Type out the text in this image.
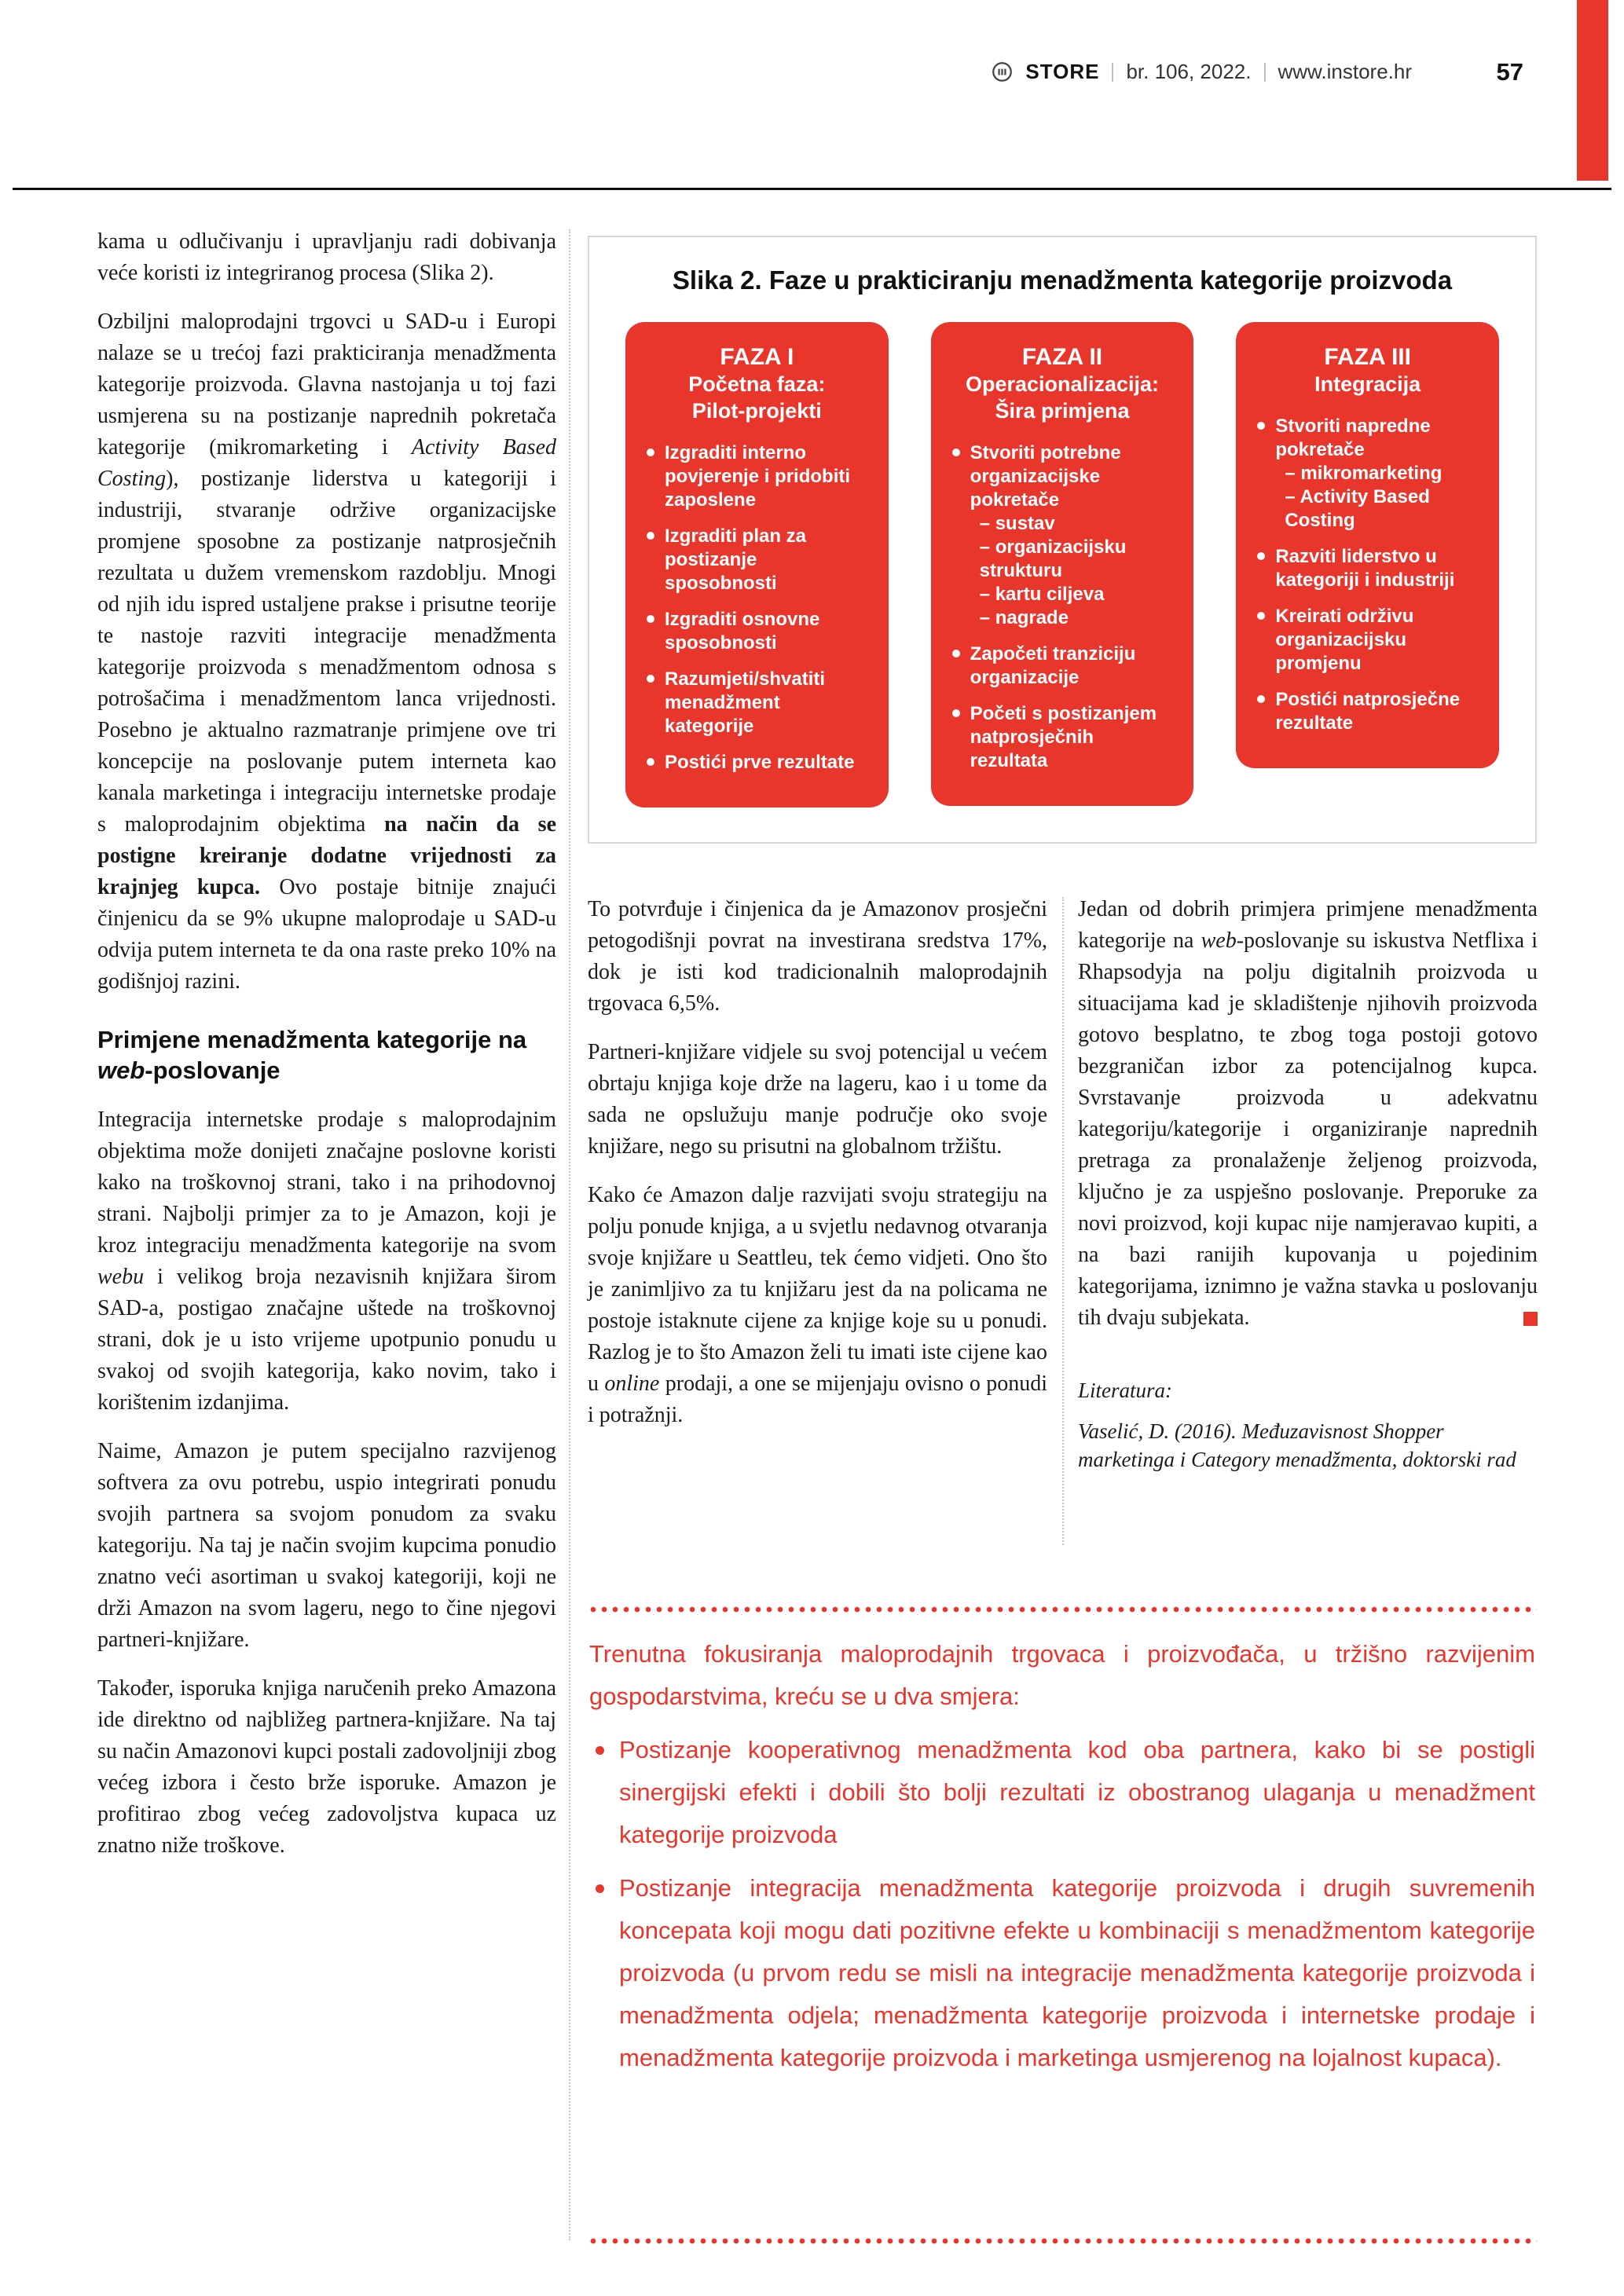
STORE br. 106, 2022. www.instore.hr	57

kama u odlučivanju i upravljanju radi dobivanja veće koristi iz integriranog procesa (Slika 2).

Ozbiljni maloprodajni trgovci u SAD-u i Europi nalaze se u trećoj fazi prakticiranja menadžmenta kategorije proizvoda. Glavna nastojanja u toj fazi usmjerena su na postizanje naprednih pokretača kategorije (mikromarketing i Activity Based Costing), postizanje liderstva u kategoriji i industriji, stvaranje održive organizacijske promjene sposobne za postizanje natprosječnih rezultata u dužem vremenskom razdoblju. Mnogi od njih idu ispred ustaljene prakse i prisutne teorije te nastoje razviti integracije menadžmenta kategorije proizvoda s menadžmentom odnosa s potrošačima i menadžmentom lanca vrijednosti. Posebno je aktualno razmatranje primjene ove tri koncepcije na poslovanje putem interneta kao kanala marketinga i integraciju internetske prodaje s maloprodajnim objektima na način da se postigne kreiranje dodatne vrijednosti za krajnjeg kupca. Ovo postaje bitnije znajući činjenicu da se 9% ukupne maloprodaje u SAD-u odvija putem interneta te da ona raste preko 10% na godišnjoj razini.

Primjene menadžmenta kategorije na web-poslovanje

Integracija internetske prodaje s maloprodajnim objektima može donijeti značajne poslovne koristi kako na troškovnoj strani, tako i na prihodovnoj strani. Najbolji primjer za to je Amazon, koji je kroz integraciju menadžmenta kategorije na svom webu i velikog broja nezavisnih knjižara širom SAD-a, postigao značajne uštede na troškovnoj strani, dok je u isto vrijeme upotpunio ponudu u svakoj od svojih kategorija, kako novim, tako i korištenim izdanjima.

Naime, Amazon je putem specijalno razvijenog softvera za ovu potrebu, uspio integrirati ponudu svojih partnera sa svojom ponudom za svaku kategoriju. Na taj je način svojim kupcima ponudio znatno veći asortiman u svakoj kategoriji, koji ne drži Amazon na svom lageru, nego to čine njegovi partneri-knjižare.

Također, isporuka knjiga naručenih preko Amazona ide direktno od najbližeg partnera-knjižare. Na taj su način Amazonovi kupci postali zadovoljniji zbog većeg izbora i često brže isporuke. Amazon je profitirao zbog većeg zadovoljstva kupaca uz znatno niže troškove.

Slika 2. Faze u prakticiranju menadžmenta kategorije proizvoda
FAZA I
Početna faza:
Pilot-projekti
Izgraditi interno povjerenje i pridobiti zaposlene
Izgraditi plan za postizanje sposobnosti
Izgraditi osnovne sposobnosti
Razumjeti/shvatiti menadžment kategorije
Postići prve rezultate
FAZA II
Operacionalizacija:
Šira primjena
Stvoriti potrebne organizacijske pokretače
– sustav
– organizacijsku strukturu
– kartu ciljeva
– nagrade
Započeti tranziciju organizacije
Početi s postizanjem natprosječnih rezultata
FAZA III
Integracija
Stvoriti napredne pokretače
– mikromarketing
– Activity Based Costing
Razviti liderstvo u kategoriji i industriji
Kreirati održivu organizacijsku promjenu
Postići natprosječne rezultate

To potvrđuje i činjenica da je Amazonov prosječni petogodišnji povrat na investirana sredstva 17%, dok je isti kod tradicionalnih maloprodajnih trgovaca 6,5%.

Partneri-knjižare vidjele su svoj potencijal u većem obrtaju knjiga koje drže na lageru, kao i u tome da sada ne opslužuju manje područje oko svoje knjižare, nego su prisutni na globalnom tržištu.

Kako će Amazon dalje razvijati svoju strategiju na polju ponude knjiga, a u svjetlu nedavnog otvaranja svoje knjižare u Seattleu, tek ćemo vidjeti. Ono što je zanimljivo za tu knjižaru jest da na policama ne postoje istaknute cijene za knjige koje su u ponudi. Razlog je to što Amazon želi tu imati iste cijene kao u online prodaji, a one se mijenjaju ovisno o ponudi i potražnji.

Jedan od dobrih primjera primjene menadžmenta kategorije na web-poslovanje su iskustva Netflixa i Rhapsodyja na polju digitalnih proizvoda u situacijama kad je skladištenje njihovih proizvoda gotovo besplatno, te zbog toga postoji gotovo bezgraničan izbor za potencijalnog kupca. Svrstavanje proizvoda u adekvatnu kategoriju/kategorije i organiziranje naprednih pretraga za pronalaženje željenog proizvoda, ključno je za uspješno poslovanje. Preporuke za novi proizvod, koji kupac nije namjeravao kupiti, a na bazi ranijih kupovanja u pojedinim kategorijama, iznimno je važna stavka u poslovanju tih dvaju subjekata.

Literatura:
Vaselić, D. (2016). Međuzavisnost Shopper marketinga i Category menadžmenta, doktorski rad

Trenutna fokusiranja maloprodajnih trgovaca i proizvođača, u tržišno razvijenim gospodarstvima, kreću se u dva smjera:

Postizanje kooperativnog menadžmenta kod oba partnera, kako bi se postigli sinergijski efekti i dobili što bolji rezultati iz obostranog ulaganja u menadžment kategorije proizvoda
Postizanje integracija menadžmenta kategorije proizvoda i drugih suvremenih koncepata koji mogu dati pozitivne efekte u kombinaciji s menadžmentom kategorije proizvoda (u prvom redu se misli na integracije menadžmenta kategorije proizvoda i menadžmenta odjela; menadžmenta kategorije proizvoda i internetske prodaje i menadžmenta kategorije proizvoda i marketinga usmjerenog na lojalnost kupaca).
